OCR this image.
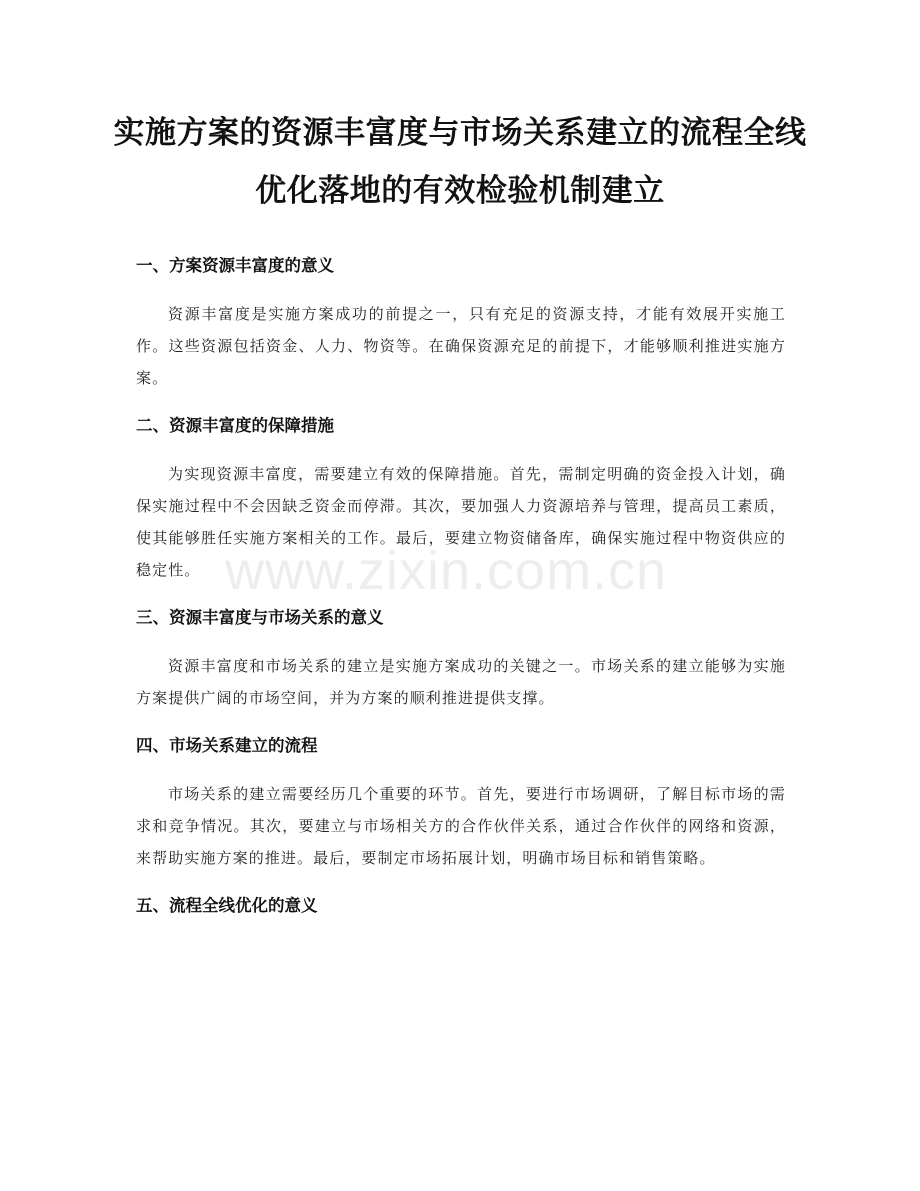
实施方案的资源丰富度与市场关系建立的流程全线优化落地的有效检验机制建立
www.zixin.com.cn
一、方案资源丰富度的意义

资源丰富度是实施方案成功的前提之一，只有充足的资源支持，才能有效展开实施工作。这些资源包括资金、人力、物资等。在确保资源充足的前提下，才能够顺利推进实施方案。

二、资源丰富度的保障措施

为实现资源丰富度，需要建立有效的保障措施。首先，需制定明确的资金投入计划，确保实施过程中不会因缺乏资金而停滞。其次，要加强人力资源培养与管理，提高员工素质，使其能够胜任实施方案相关的工作。最后，要建立物资储备库，确保实施过程中物资供应的稳定性。

三、资源丰富度与市场关系的意义

资源丰富度和市场关系的建立是实施方案成功的关键之一。市场关系的建立能够为实施方案提供广阔的市场空间，并为方案的顺利推进提供支撑。

四、市场关系建立的流程

市场关系的建立需要经历几个重要的环节。首先，要进行市场调研，了解目标市场的需求和竞争情况。其次，要建立与市场相关方的合作伙伴关系，通过合作伙伴的网络和资源，来帮助实施方案的推进。最后，要制定市场拓展计划，明确市场目标和销售策略。

五、流程全线优化的意义
